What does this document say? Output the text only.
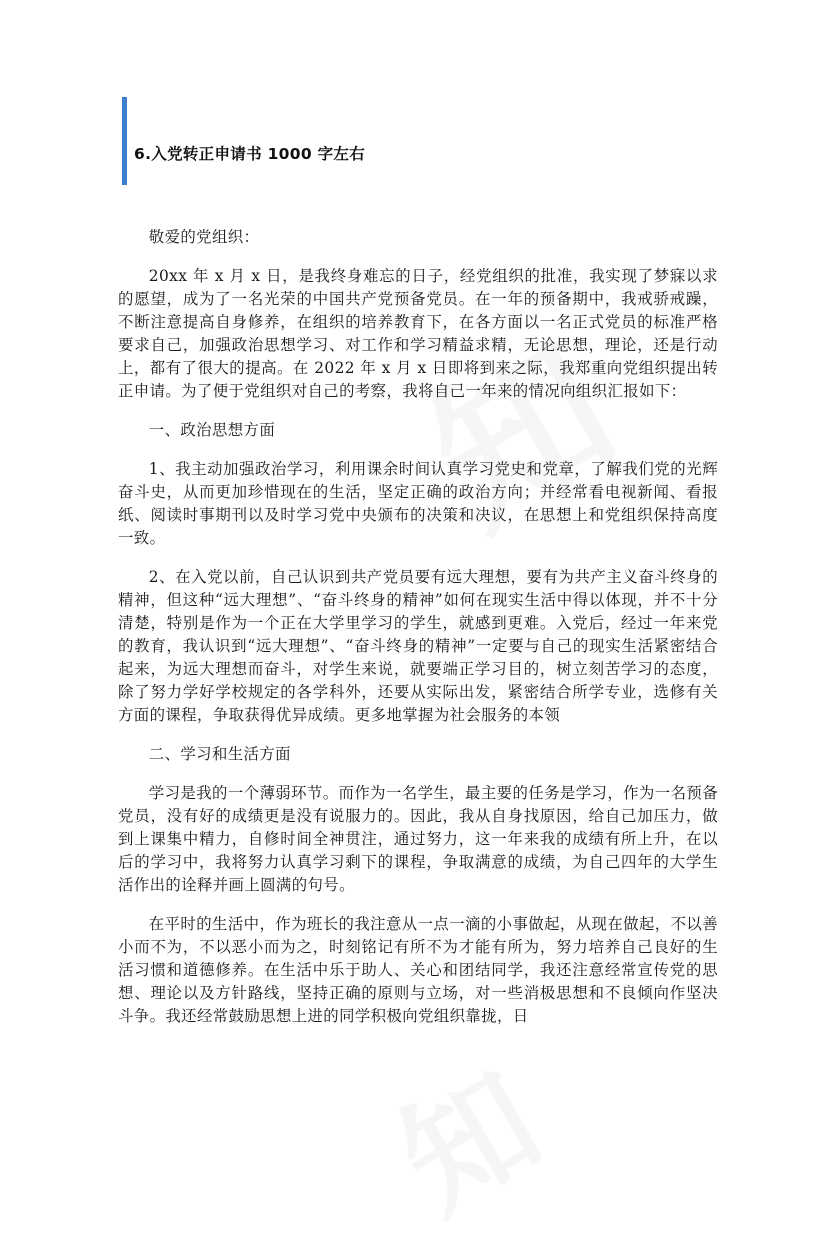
6.入党转正申请书 1000 字左右

敬爱的党组织：

20xx 年 x 月 x 日，是我终身难忘的日子，经党组织的批准，我实现了梦寐以求的愿望，成为了一名光荣的中国共产党预备党员。在一年的预备期中，我戒骄戒躁，不断注意提高自身修养，在组织的培养教育下，在各方面以一名正式党员的标准严格要求自己，加强政治思想学习、对工作和学习精益求精，无论思想，理论，还是行动上，都有了很大的提高。在 2022 年 x 月 x 日即将到来之际，我郑重向党组织提出转正申请。为了便于党组织对自己的考察，我将自己一年来的情况向组织汇报如下：

一、政治思想方面

1、我主动加强政治学习，利用课余时间认真学习党史和党章，了解我们党的光辉奋斗史，从而更加珍惜现在的生活，坚定正确的政治方向；并经常看电视新闻、看报纸、阅读时事期刊以及时学习党中央颁布的决策和决议，在思想上和党组织保持高度一致。

2、在入党以前，自己认识到共产党员要有远大理想，要有为共产主义奋斗终身的精神，但这种“远大理想”、“奋斗终身的精神”如何在现实生活中得以体现，并不十分清楚，特别是作为一个正在大学里学习的学生，就感到更难。入党后，经过一年来党的教育，我认识到“远大理想”、“奋斗终身的精神”一定要与自己的现实生活紧密结合起来，为远大理想而奋斗，对学生来说，就要端正学习目的，树立刻苦学习的态度，除了努力学好学校规定的各学科外，还要从实际出发，紧密结合所学专业，选修有关方面的课程，争取获得优异成绩。更多地掌握为社会服务的本领

二、学习和生活方面

学习是我的一个薄弱环节。而作为一名学生，最主要的任务是学习，作为一名预备党员，没有好的成绩更是没有说服力的。因此，我从自身找原因，给自己加压力，做到上课集中精力，自修时间全神贯注，通过努力，这一年来我的成绩有所上升，在以后的学习中，我将努力认真学习剩下的课程，争取满意的成绩，为自己四年的大学生活作出的诠释并画上圆满的句号。

在平时的生活中，作为班长的我注意从一点一滴的小事做起，从现在做起，不以善小而不为，不以恶小而为之，时刻铭记有所不为才能有所为，努力培养自己良好的生活习惯和道德修养。在生活中乐于助人、关心和团结同学，我还注意经常宣传党的思想、理论以及方针路线，坚持正确的原则与立场，对一些消极思想和不良倾向作坚决斗争。我还经常鼓励思想上进的同学积极向党组织靠拢，日
